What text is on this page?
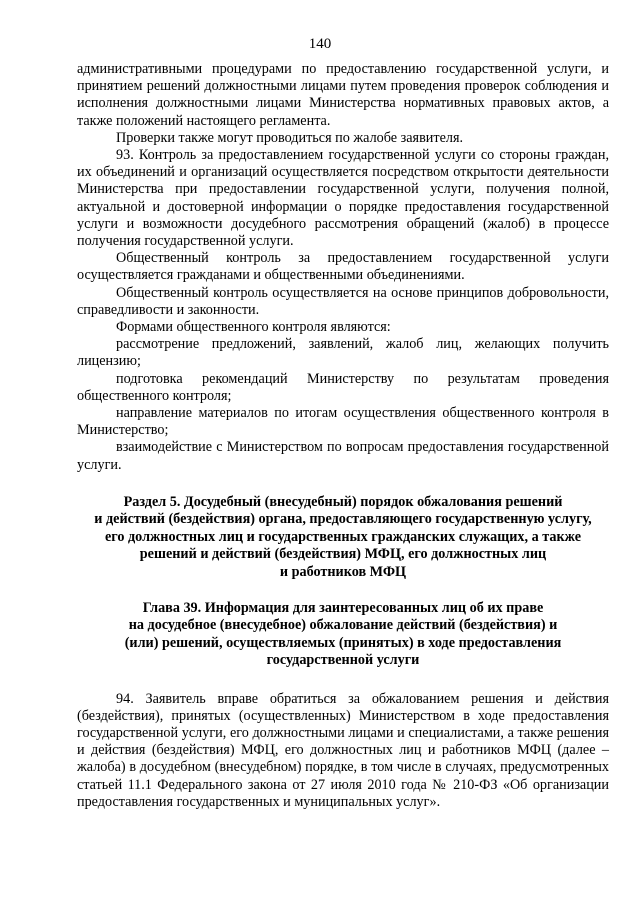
140

административными процедурами по предоставлению государственной услуги, и принятием решений должностными лицами путем проведения проверок соблюдения и исполнения должностными лицами Министерства нормативных правовых актов, а также положений настоящего регламента.

Проверки также могут проводиться по жалобе заявителя.

93. Контроль за предоставлением государственной услуги со стороны граждан, их объединений и организаций осуществляется посредством открытости деятельности Министерства при предоставлении государственной услуги, получения полной, актуальной и достоверной информации о порядке предоставления государственной услуги и возможности досудебного рассмотрения обращений (жалоб) в процессе получения государственной услуги.

Общественный контроль за предоставлением государственной услуги осуществляется гражданами и общественными объединениями.

Общественный контроль осуществляется на основе принципов добровольности, справедливости и законности.

Формами общественного контроля являются:

рассмотрение предложений, заявлений, жалоб лиц, желающих получить лицензию;

подготовка рекомендаций Министерству по результатам проведения общественного контроля;

направление материалов по итогам осуществления общественного контроля в Министерство;

взаимодействие с Министерством по вопросам предоставления государственной услуги.

Раздел 5. Досудебный (внесудебный) порядок обжалования решений
и действий (бездействия) органа, предоставляющего государственную услугу,
его должностных лиц и государственных гражданских служащих, а также
решений и действий (бездействия) МФЦ, его должностных лиц
и работников МФЦ
Глава 39. Информация для заинтересованных лиц об их праве
на досудебное (внесудебное) обжалование действий (бездействия) и
(или) решений, осуществляемых (принятых) в ходе предоставления
государственной услуги

94. Заявитель вправе обратиться за обжалованием решения и действия (бездействия), принятых (осуществленных) Министерством в ходе предоставления государственной услуги, его должностными лицами и специалистами, а также решения и действия (бездействия) МФЦ, его должностных лиц и работников МФЦ (далее – жалоба) в досудебном (внесудебном) порядке, в том числе в случаях, предусмотренных статьей 11.1 Федерального закона от 27 июля 2010 года № 210-ФЗ «Об организации предоставления государственных и муниципальных услуг».
